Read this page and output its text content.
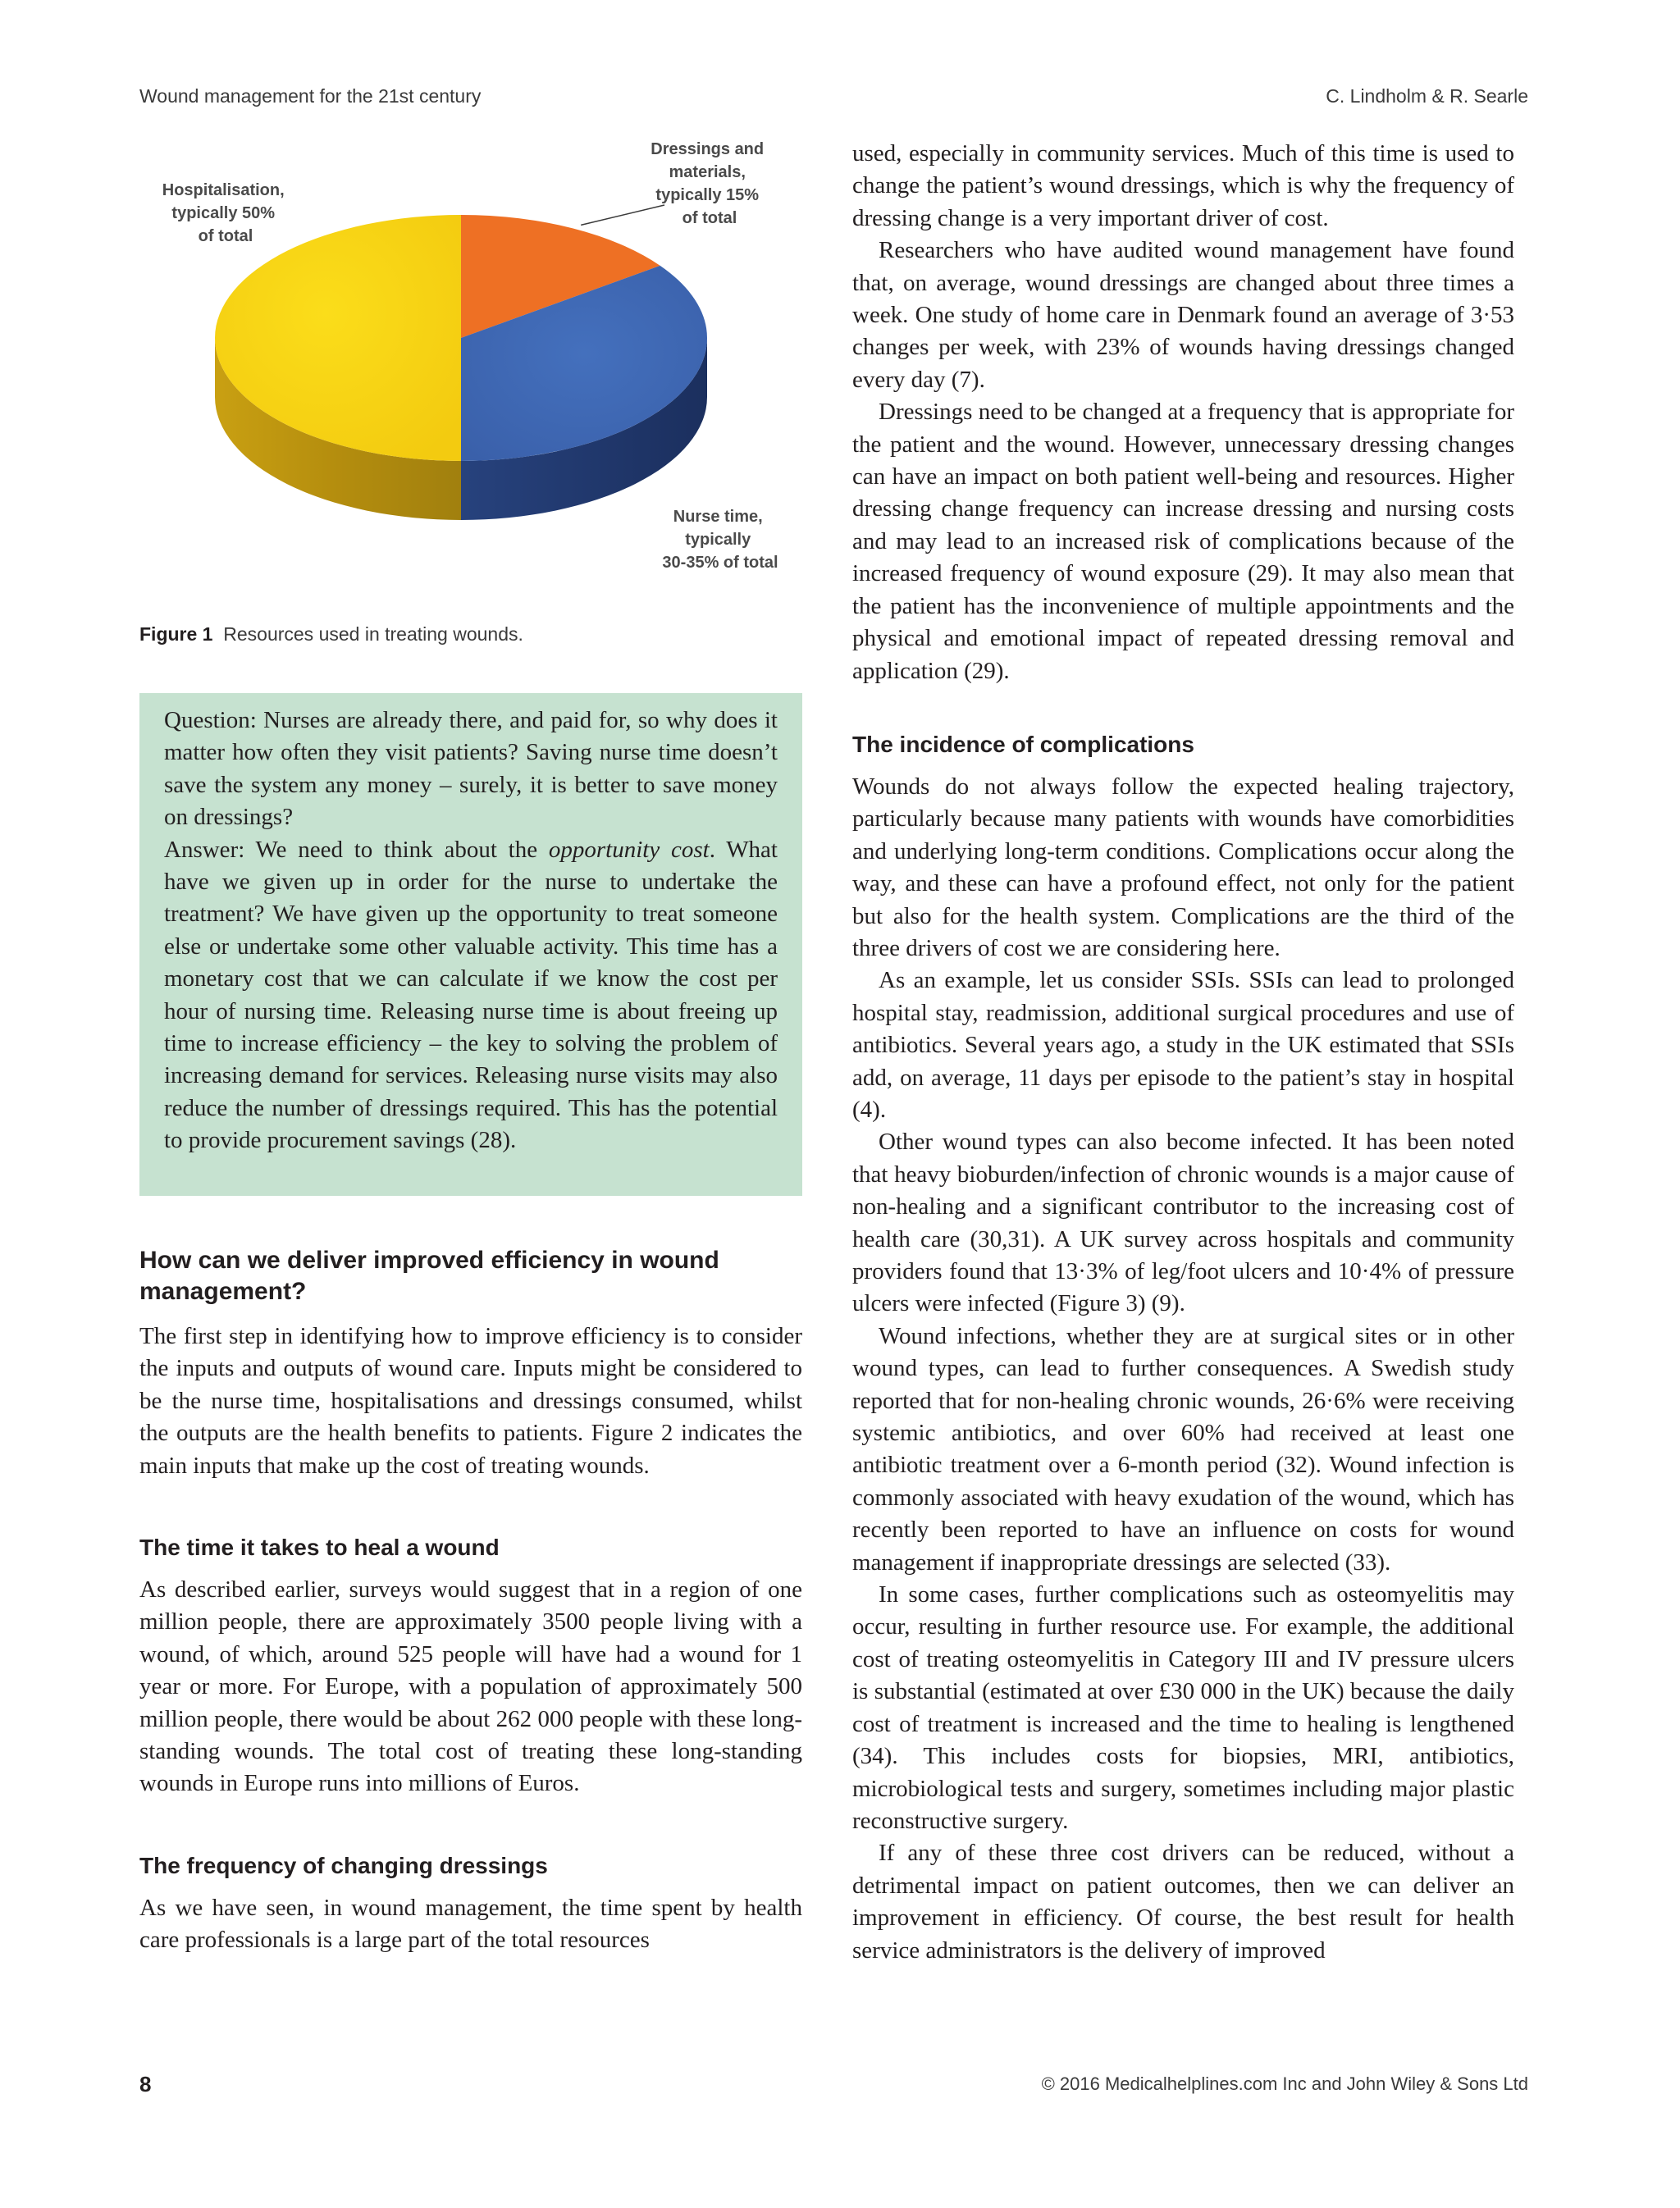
Wound management for the 21st century	C. Lindholm & R. Searle
Hospitalisation, typically 50% of total
Dressings and materials, typically 15% of total
Nurse time, typically 30-35% of total
Figure 1 Resources used in treating wounds.

Question: Nurses are already there, and paid for, so why does it matter how often they visit patients? Saving nurse time doesn’t save the system any money – surely, it is better to save money on dressings?

Answer: We need to think about the opportunity cost. What have we given up in order for the nurse to undertake the treatment? We have given up the opportunity to treat someone else or undertake some other valuable activity. This time has a monetary cost that we can calculate if we know the cost per hour of nursing time. Releasing nurse time is about freeing up time to increase efficiency – the key to solving the problem of increasing demand for services. Releasing nurse visits may also reduce the number of dressings required. This has the potential to provide procurement savings (28).

How can we deliver improved efficiency in wound management?

The first step in identifying how to improve efficiency is to consider the inputs and outputs of wound care. Inputs might be considered to be the nurse time, hospitalisations and dressings consumed, whilst the outputs are the health benefits to patients. Figure 2 indicates the main inputs that make up the cost of treating wounds.

The time it takes to heal a wound

As described earlier, surveys would suggest that in a region of one million people, there are approximately 3500 people living with a wound, of which, around 525 people will have had a wound for 1 year or more. For Europe, with a population of approximately 500 million people, there would be about 262 000 people with these long-standing wounds. The total cost of treating these long-standing wounds in Europe runs into millions of Euros.

The frequency of changing dressings

As we have seen, in wound management, the time spent by health care professionals is a large part of the total resources

used, especially in community services. Much of this time is used to change the patient’s wound dressings, which is why the frequency of dressing change is a very important driver of cost.

Researchers who have audited wound management have found that, on average, wound dressings are changed about three times a week. One study of home care in Denmark found an average of 3·53 changes per week, with 23% of wounds having dressings changed every day (7).

Dressings need to be changed at a frequency that is appropriate for the patient and the wound. However, unnecessary dressing changes can have an impact on both patient well-being and resources. Higher dressing change frequency can increase dressing and nursing costs and may lead to an increased risk of complications because of the increased frequency of wound exposure (29). It may also mean that the patient has the inconvenience of multiple appointments and the physical and emotional impact of repeated dressing removal and application (29).

The incidence of complications

Wounds do not always follow the expected healing trajectory, particularly because many patients with wounds have comorbidities and underlying long-term conditions. Complications occur along the way, and these can have a profound effect, not only for the patient but also for the health system. Complications are the third of the three drivers of cost we are considering here.

As an example, let us consider SSIs. SSIs can lead to prolonged hospital stay, readmission, additional surgical procedures and use of antibiotics. Several years ago, a study in the UK estimated that SSIs add, on average, 11 days per episode to the patient’s stay in hospital (4).

Other wound types can also become infected. It has been noted that heavy bioburden/infection of chronic wounds is a major cause of non-healing and a significant contributor to the increasing cost of health care (30,31). A UK survey across hospitals and community providers found that 13·3% of leg/foot ulcers and 10·4% of pressure ulcers were infected (Figure 3) (9).

Wound infections, whether they are at surgical sites or in other wound types, can lead to further consequences. A Swedish study reported that for non-healing chronic wounds, 26·6% were receiving systemic antibiotics, and over 60% had received at least one antibiotic treatment over a 6-month period (32). Wound infection is commonly associated with heavy exudation of the wound, which has recently been reported to have an influence on costs for wound management if inappropriate dressings are selected (33).

In some cases, further complications such as osteomyelitis may occur, resulting in further resource use. For example, the additional cost of treating osteomyelitis in Category III and IV pressure ulcers is substantial (estimated at over £30 000 in the UK) because the daily cost of treatment is increased and the time to healing is lengthened (34). This includes costs for biopsies, MRI, antibiotics, microbiological tests and surgery, sometimes including major plastic reconstructive surgery.

If any of these three cost drivers can be reduced, without a detrimental impact on patient outcomes, then we can deliver an improvement in efficiency. Of course, the best result for health service administrators is the delivery of improved

8	© 2016 Medicalhelplines.com Inc and John Wiley & Sons Ltd
